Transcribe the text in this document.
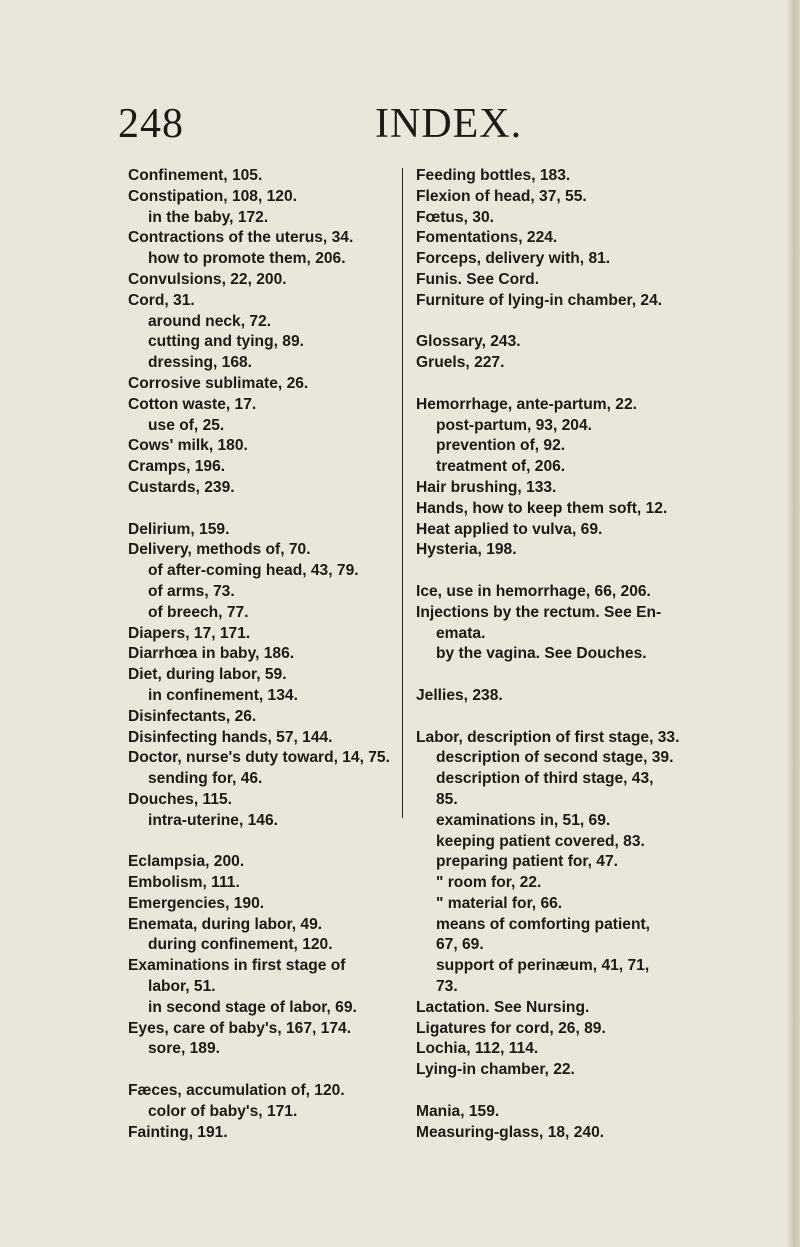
248	INDEX.
Confinement, 105.
Constipation, 108, 120.
in the baby, 172.
Contractions of the uterus, 34.
how to promote them, 206.
Convulsions, 22, 200.
Cord, 31.
around neck, 72.
cutting and tying, 89.
dressing, 168.
Corrosive sublimate, 26.
Cotton waste, 17.
use of, 25.
Cows' milk, 180.
Cramps, 196.
Custards, 239.
Delirium, 159.
Delivery, methods of, 70.
of after-coming head, 43, 79.
of arms, 73.
of breech, 77.
Diapers, 17, 171.
Diarrhœa in baby, 186.
Diet, during labor, 59.
in confinement, 134.
Disinfectants, 26.
Disinfecting hands, 57, 144.
Doctor, nurse's duty toward, 14, 75.
sending for, 46.
Douches, 115.
intra-uterine, 146.
Eclampsia, 200.
Embolism, 111.
Emergencies, 190.
Enemata, during labor, 49.
during confinement, 120.
Examinations in first stage of
labor, 51.
in second stage of labor, 69.
Eyes, care of baby's, 167, 174.
sore, 189.
Fæces, accumulation of, 120.
color of baby's, 171.
Fainting, 191.
Feeding bottles, 183.
Flexion of head, 37, 55.
Fœtus, 30.
Fomentations, 224.
Forceps, delivery with, 81.
Funis. See Cord.
Furniture of lying-in chamber, 24.
Glossary, 243.
Gruels, 227.
Hemorrhage, ante-partum, 22.
post-partum, 93, 204.
prevention of, 92.
treatment of, 206.
Hair brushing, 133.
Hands, how to keep them soft, 12.
Heat applied to vulva, 69.
Hysteria, 198.
Ice, use in hemorrhage, 66, 206.
Injections by the rectum. See En-
emata.
by the vagina. See Douches.
Jellies, 238.
Labor, description of first stage, 33.
description of second stage, 39.
description of third stage, 43,
85.
examinations in, 51, 69.
keeping patient covered, 83.
preparing patient for, 47.
" room for, 22.
" material for, 66.
means of comforting patient,
67, 69.
support of perinæum, 41, 71,
73.
Lactation. See Nursing.
Ligatures for cord, 26, 89.
Lochia, 112, 114.
Lying-in chamber, 22.
Mania, 159.
Measuring-glass, 18, 240.
